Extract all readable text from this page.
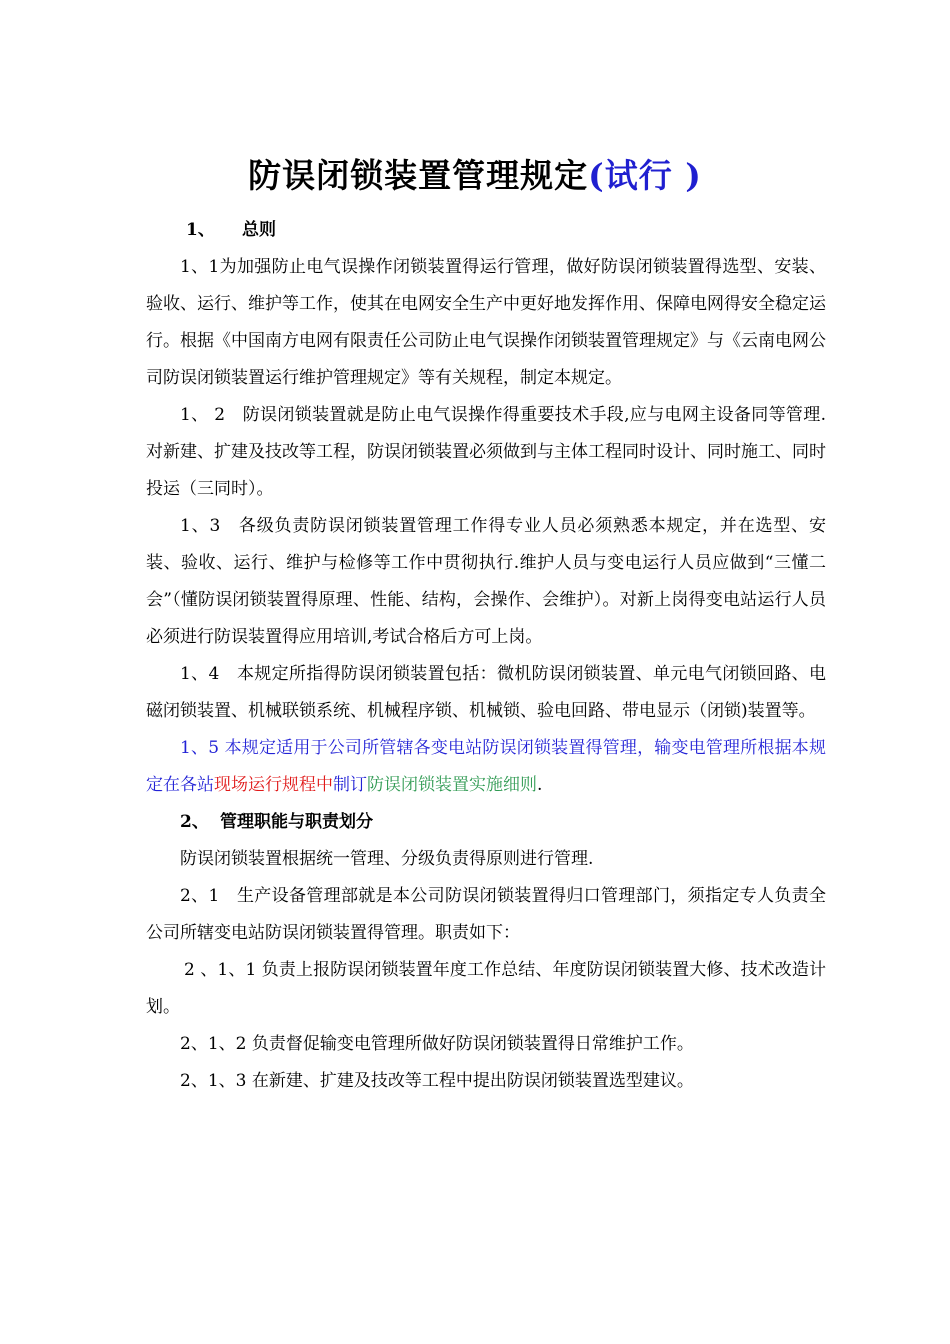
防误闭锁装置管理规定(试行 )

1、 总则

1、1为加强防止电气误操作闭锁装置得运行管理，做好防误闭锁装置得选型、安装、验收、运行、维护等工作，使其在电网安全生产中更好地发挥作用、保障电网得安全稳定运行。根据《中国南方电网有限责任公司防止电气误操作闭锁装置管理规定》与《云南电网公司防误闭锁装置运行维护管理规定》等有关规程，制定本规定。

1、 2　防误闭锁装置就是防止电气误操作得重要技术手段,应与电网主设备同等管理.对新建、扩建及技改等工程，防误闭锁装置必须做到与主体工程同时设计、同时施工、同时投运（三同时）。

1、3　各级负责防误闭锁装置管理工作得专业人员必须熟悉本规定，并在选型、安装、验收、运行、维护与检修等工作中贯彻执行.维护人员与变电运行人员应做到“三懂二会”（懂防误闭锁装置得原理、性能、结构，会操作、会维护）。对新上岗得变电站运行人员必须进行防误装置得应用培训,考试合格后方可上岗。

1、4　本规定所指得防误闭锁装置包括：微机防误闭锁装置、单元电气闭锁回路、电磁闭锁装置、机械联锁系统、机械程序锁、机械锁、验电回路、带电显示（闭锁)装置等。

1、5 本规定适用于公司所管辖各变电站防误闭锁装置得管理，输变电管理所根据本规定在各站现场运行规程中制订防误闭锁装置实施细则.

2、 管理职能与职责划分

防误闭锁装置根据统一管理、分级负责得原则进行管理.

2、1　生产设备管理部就是本公司防误闭锁装置得归口管理部门，须指定专人负责全公司所辖变电站防误闭锁装置得管理。职责如下：

2 、1、1 负责上报防误闭锁装置年度工作总结、年度防误闭锁装置大修、技术改造计划。

2、1、2 负责督促输变电管理所做好防误闭锁装置得日常维护工作。

2、1、3 在新建、扩建及技改等工程中提出防误闭锁装置选型建议。
